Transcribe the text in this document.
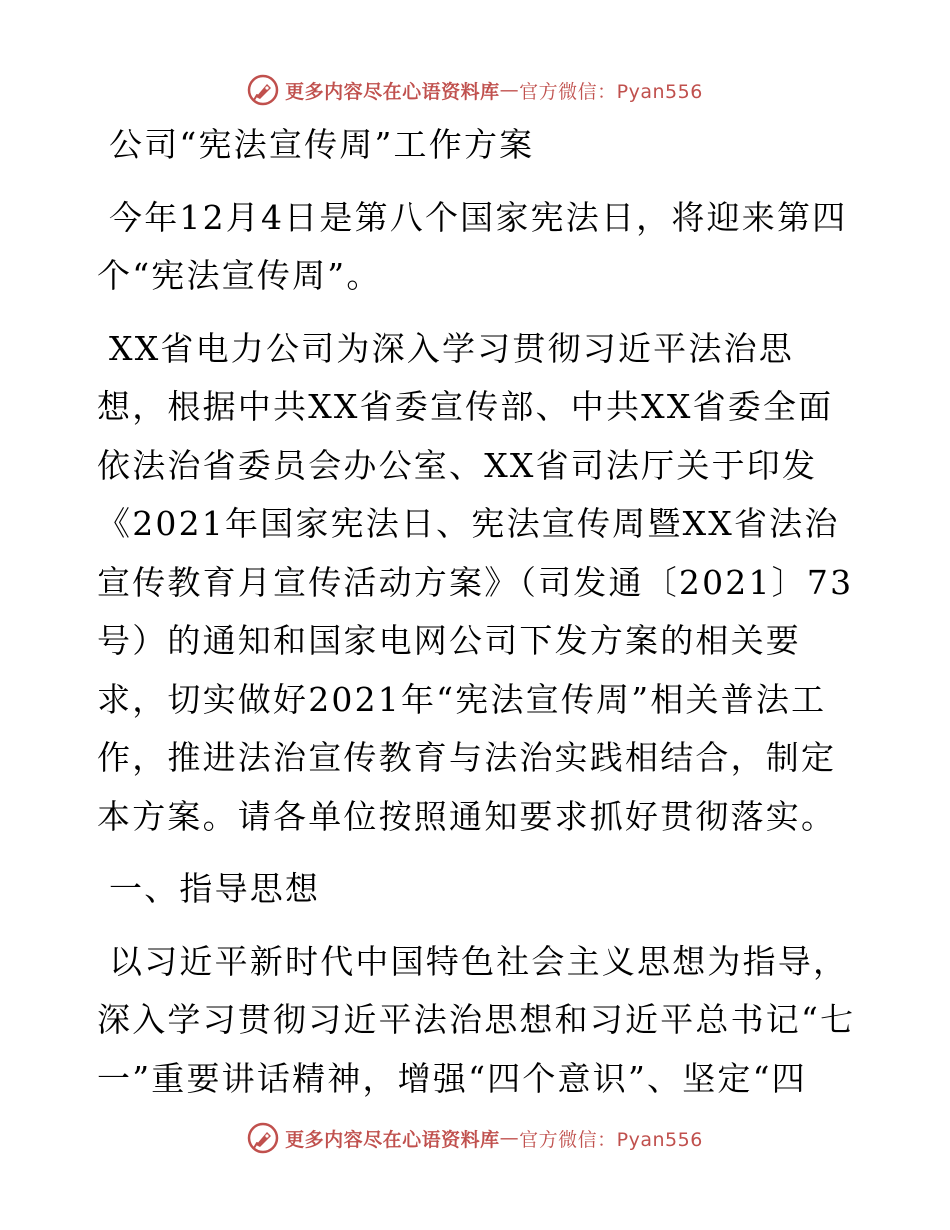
更多内容尽在心语资料库 — 官方微信：Pyan556

公司“宪法宣传周”工作方案

今年12月4日是第八个国家宪法日，将迎来第四个“宪法宣传周”。

XX省电力公司为深入学习贯彻习近平法治思想，根据中共XX省委宣传部、中共XX省委全面依法治省委员会办公室、XX省司法厅关于印发《2021年国家宪法日、宪法宣传周暨XX省法治宣传教育月宣传活动方案》（司发通〔2021〕73号）的通知和国家电网公司下发方案的相关要求，切实做好2021年“宪法宣传周”相关普法工作，推进法治宣传教育与法治实践相结合，制定本方案。请各单位按照通知要求抓好贯彻落实。

一、指导思想

以习近平新时代中国特色社会主义思想为指导，深入学习贯彻习近平法治思想和习近平总书记“七一”重要讲话精神，增强“四个意识”、坚定“四

更多内容尽在心语资料库 — 官方微信：Pyan556
